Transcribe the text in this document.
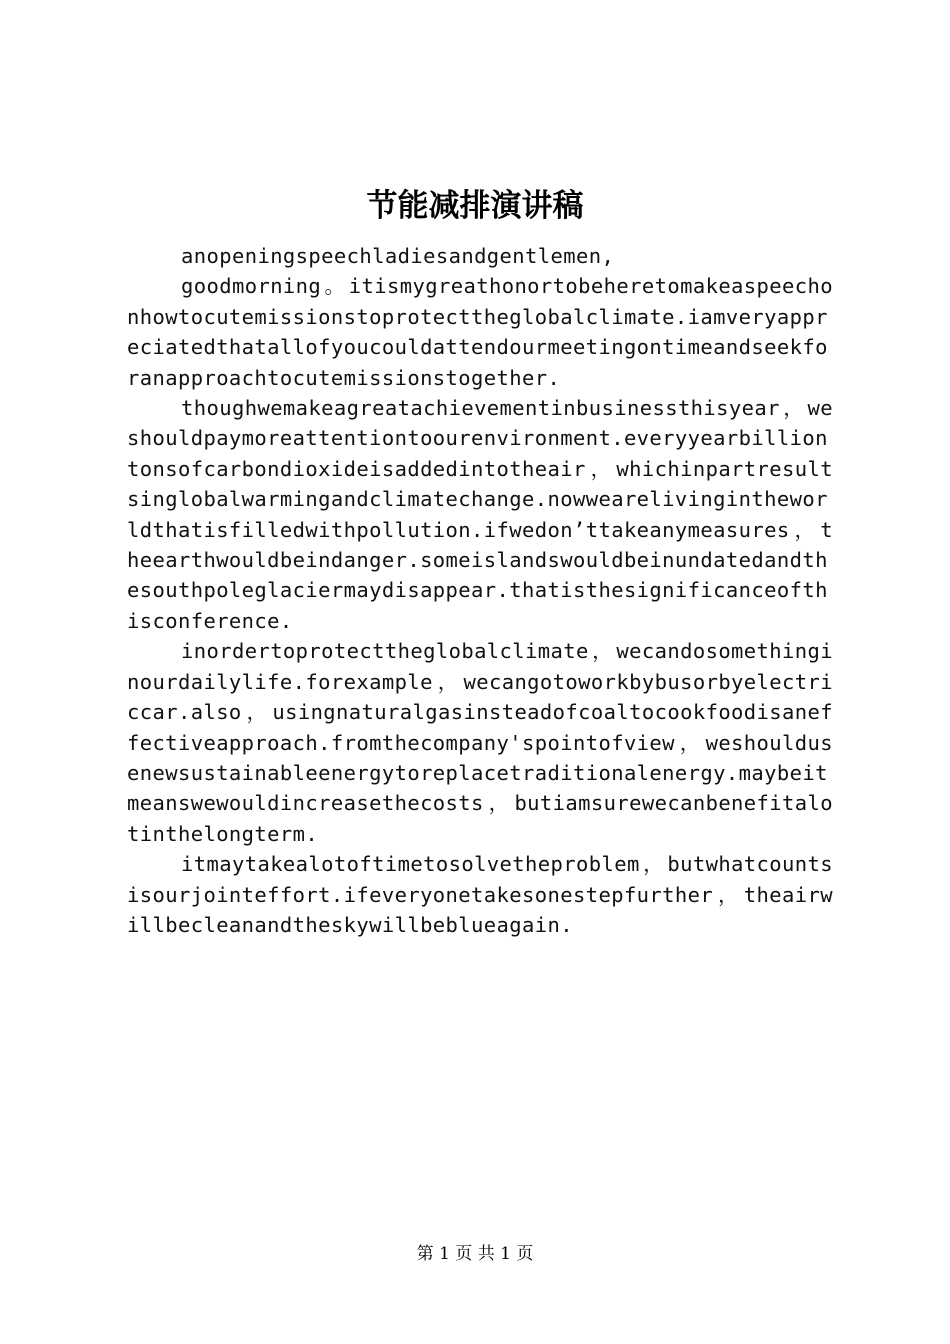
节能减排演讲稿

anopeningspeechladiesandgentlemen,

goodmorning。itismygreathonortobeheretomakeaspeechonhowtocutemissionstoprotecttheglobalclimate.iamveryappreciatedthatallofyoucouldattendourmeetingontimeandseekforanapproachtocutemissionstogether.

thoughwemakeagreatachievementinbusinessthisyear，weshouldpaymoreattentiontoourenvironment.everyyearbilliontonsofcarbondioxideisaddedintotheair，whichinpartresultsinglobalwarmingandclimatechange.nowwearelivingintheworldthatisfilledwithpollution.ifwedon’ttakeanymeasures，theearthwouldbeindanger.someislandswouldbeinundatedandthesouthpoleglaciermaydisappear.thatisthesignificanceofthisconference.

inordertoprotecttheglobalclimate，wecandosomethinginourdailylife.forexample，wecangotoworkbybusorbyelectriccar.also，usingnaturalgasinsteadofcoaltocookfoodisaneffectiveapproach.fromthecompany'spointofview，weshouldusenewsustainableenergytoreplacetraditionalenergy.maybeitmeanswewouldincreasethecosts，butiamsurewecanbenefitalotinthelongterm.

itmaytakealotoftimetosolvetheproblem，butwhatcountsisourjointeffort.ifeveryonetakesonestepfurther，theairwillbecleanandtheskywillbeblueagain.

第 1 页 共 1 页
